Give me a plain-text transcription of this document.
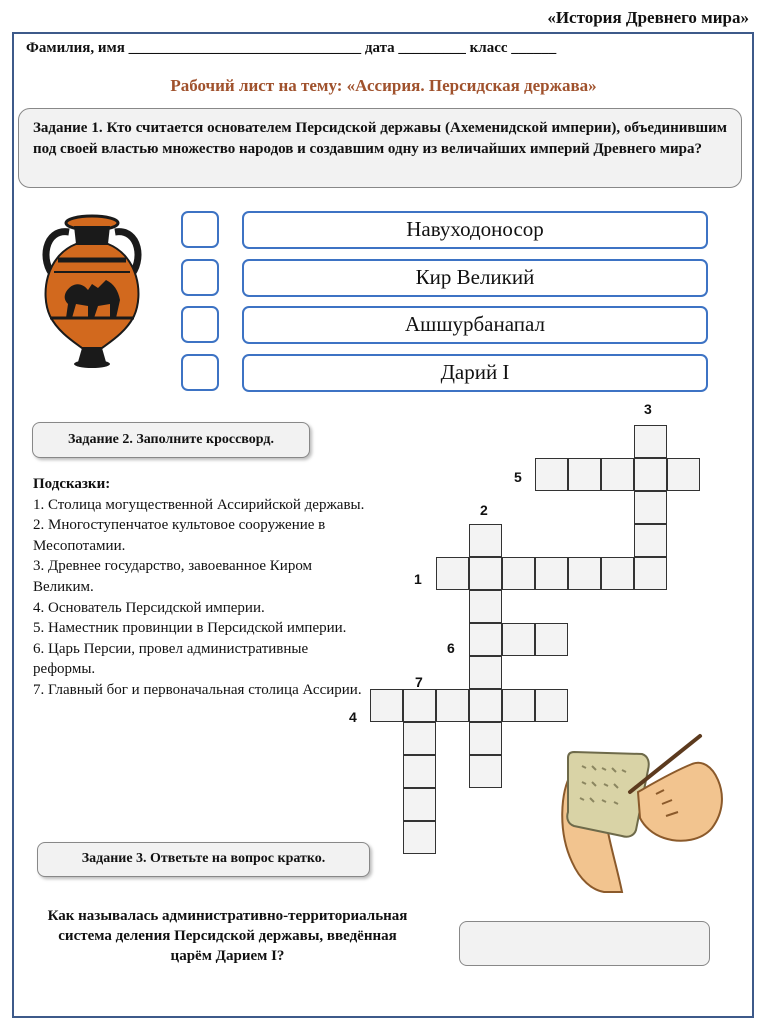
«История Древнего мира»
Фамилия, имя _______________________________ дата _________ класс ______
Рабочий лист на тему: «Ассирия. Персидская держава»
Задание 1. Кто считается основателем Персидской державы (Ахеменидской империи), объединившим под своей властью множество народов и создавшим одну из величайших империй Древнего мира?
Навуходоносор
Кир Великий
Ашшурбанапал
Дарий I
Задание 2. Заполните кроссворд.
Подсказки:
1. Столица могущественной Ассирийской державы.
2. Многоступенчатое культовое сооружение в Месопотамии.
3. Древнее государство, завоеванное Киром Великим.
4. Основатель Персидской империи.
5. Наместник провинции в Персидской империи.
6. Царь Персии, провел административные реформы.
7. Главный бог и первоначальная столица Ассирии.
3
5
2
1
6
7
4
Задание 3. Ответьте на вопрос кратко.
Как называлась административно-территориальная система деления Персидской державы, введённая царём Дарием I?
